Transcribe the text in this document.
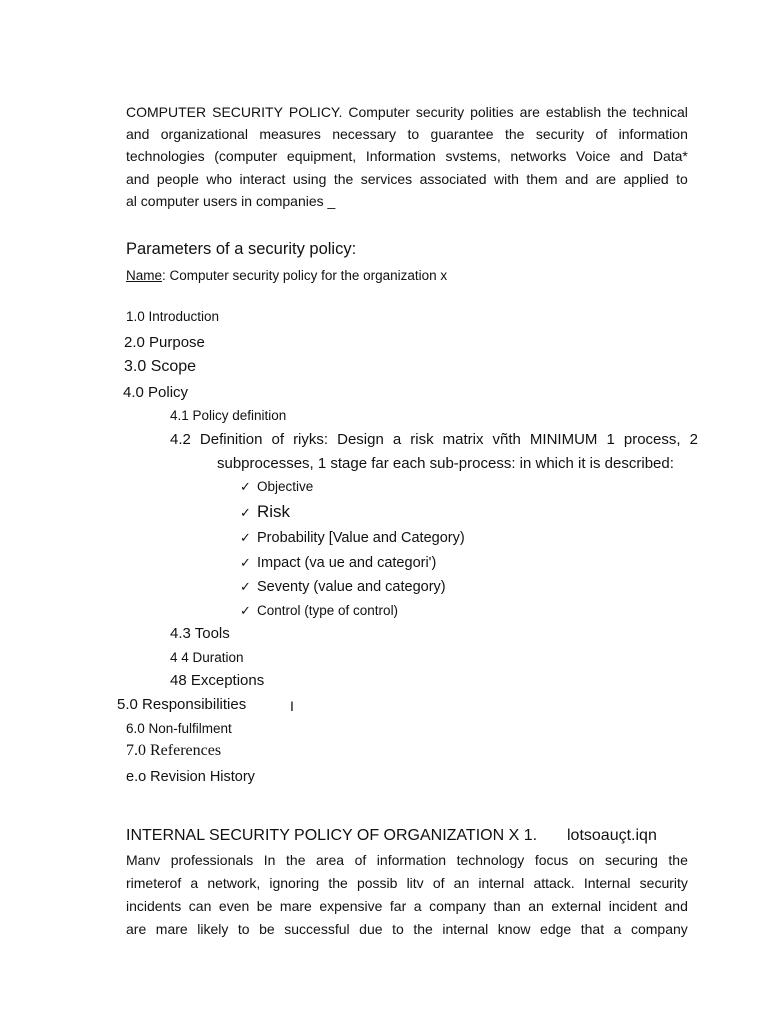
COMPUTER SECURITY POLICY. Computer security polities are establish the technical
and organizational measures necessary to guarantee the security of information
technologies (computer equipment, Information svstems, networks Voice and Data*
and people who interact using the services associated with them and are applied to
al computer users in companies _
Parameters of a security policy:
Name: Computer security policy for the organization x
1.0 Introduction
2.0 Purpose
3.0 Scope
4.0 Policy
4.1 Policy definition
4.2 Definition of riyks: Design a risk matrix vñth MINIMUM 1 process, 2
subprocesses, 1 stage far each sub-process: in which it is described:
✓ Objective
✓ Risk
✓ Probability [Value and Category)
✓ Impact (va ue and categori')
✓ Seventy (value and category)
✓ Control (type of control)
4.3 Tools
4 4 Duration
48 Exceptions
5.0 Responsibilities	I
6.0 Non-fulfilment
7.0 References
e.o Revision History
INTERNAL SECURITY POLICY OF ORGANIZATION X 1. lotsoauçt.iqn
Manv professionals In the area of information technology focus on securing the
rimeterof a network, ignoring the possib litv of an internal attack. Internal security
incidents can even be mare expensive far a company than an external incident and
are mare likely to be successful due to the internal know edge that a company
